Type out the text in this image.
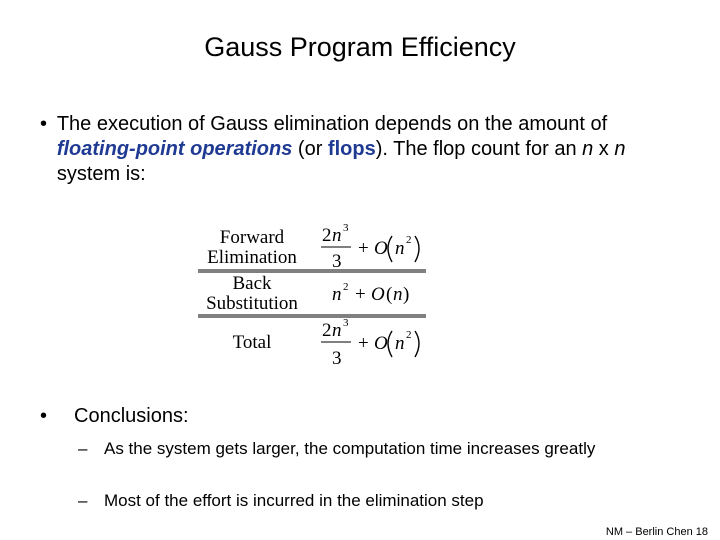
Gauss Program Efficiency
• The execution of Gauss elimination depends on the amount of floating-point operations (or flops). The flop count for an n x n system is:
Forward
Elimination
2 n 3
3
+ O n 2
Back
Substitution n 2 + O ( n )
Total
2 n 3
3
+ O n 2
•	Conclusions:
– As the system gets larger, the computation time increases greatly
– Most of the effort is incurred in the elimination step
NM – Berlin Chen 18
